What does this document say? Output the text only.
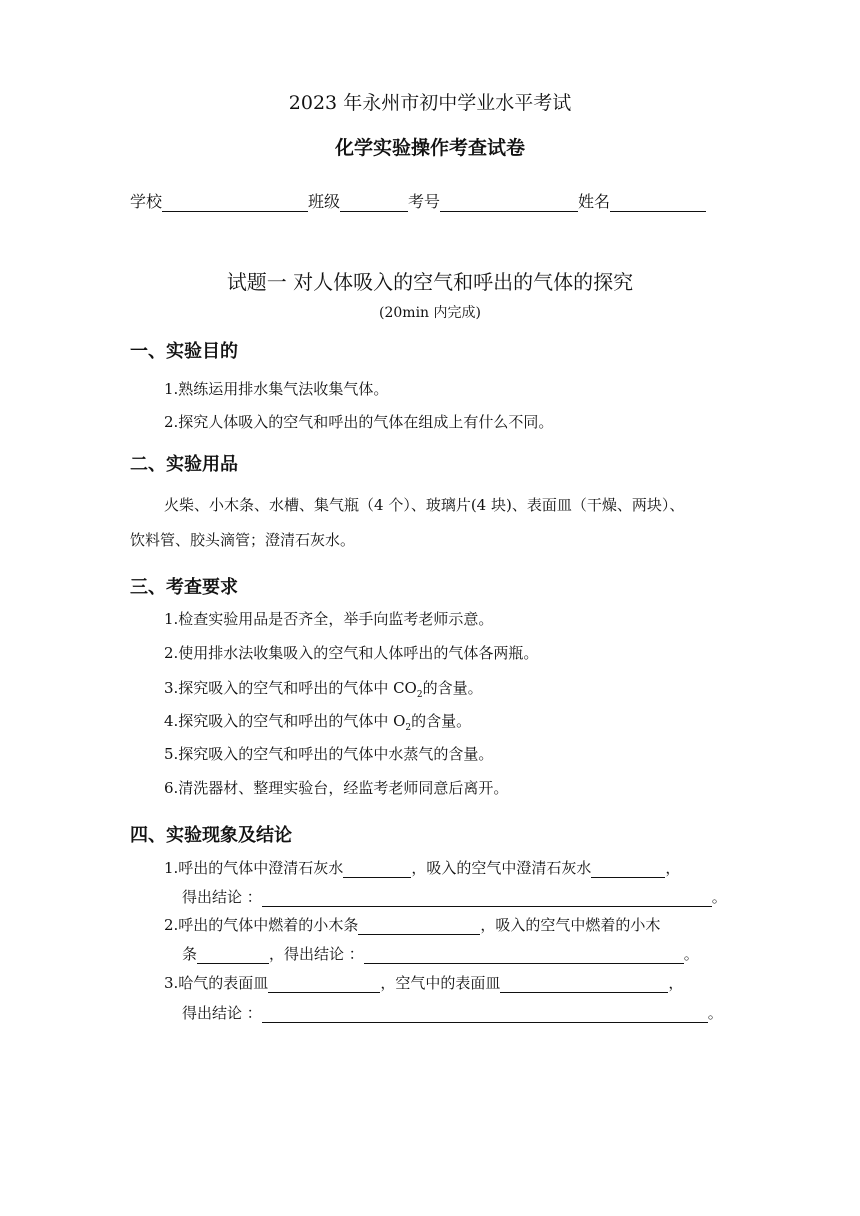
2023 年永州市初中学业水平考试
化学实验操作考查试卷
学校	班级	考号	姓名
试题一 对人体吸入的空气和呼出的气体的探究
(20min 内完成)
一、实验目的
1.熟练运用排水集气法收集气体。
2.探究人体吸入的空气和呼出的气体在组成上有什么不同。
二、实验用品
火柴、小木条、水槽、集气瓶（4 个）、玻璃片(4 块)、表面皿（干燥、两块）、
饮料管、胶头滴管；澄清石灰水。
三、考查要求
1.检查实验用品是否齐全，举手向监考老师示意。
2.使用排水法收集吸入的空气和人体呼出的气体各两瓶。
3.探究吸入的空气和呼出的气体中 $CO_2$的含量。
4.探究吸入的空气和呼出的气体中 $O_2$的含量。
5.探究吸入的空气和呼出的气体中水蒸气的含量。
6.清洗器材、整理实验台，经监考老师同意后离开。
四、实验现象及结论
1.呼出的气体中澄清石灰水	，吸入的空气中澄清石灰水	，
得出结论 ：	。
2.呼出的气体中燃着的小木条	，吸入的空气中燃着的小木
条	，得出结论 ：	。
3.哈气的表面皿	，空气中的表面皿	，
得出结论 ：	。
